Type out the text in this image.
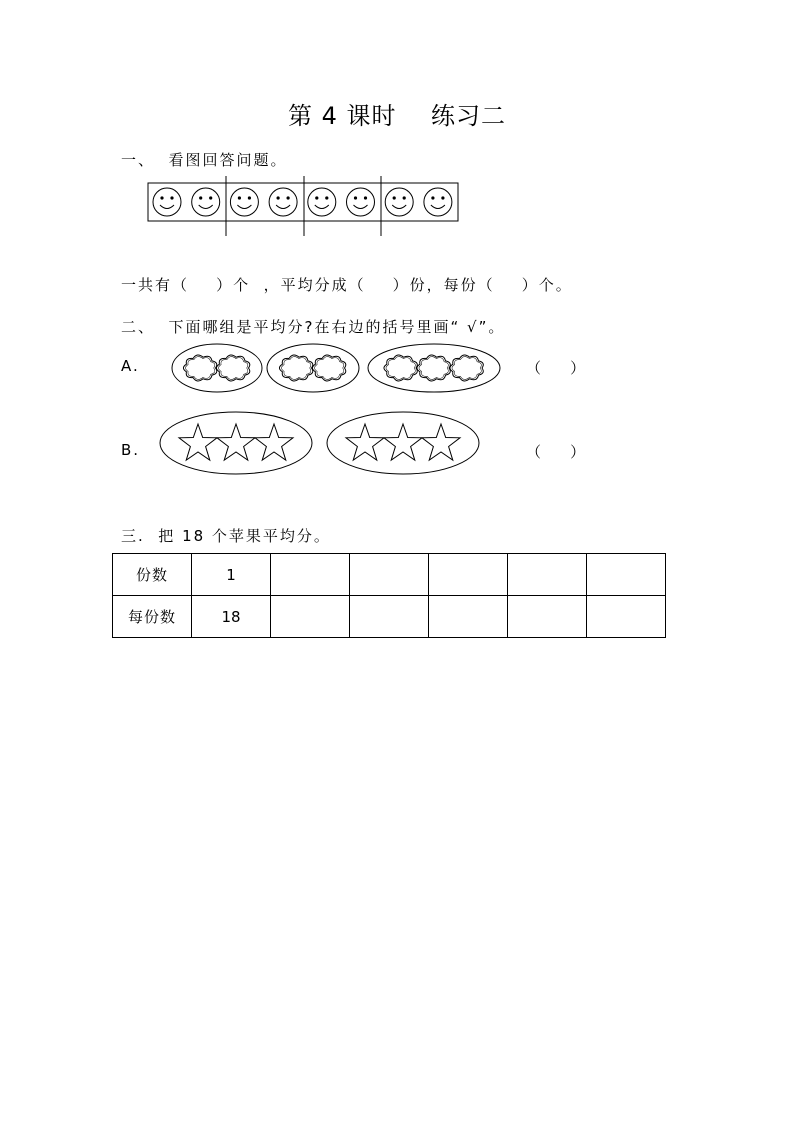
第 4 课时    练习二
一、  看图回答问题。
一共有（    ）个  ，平均分成（    ）份，每份（    ）个。
二、  下面哪组是平均分?在右边的括号里画“ √”。
A.	（    ）
B.	（    ）
三.  把 18 个苹果平均分。
份数	1					
每份数	18					
